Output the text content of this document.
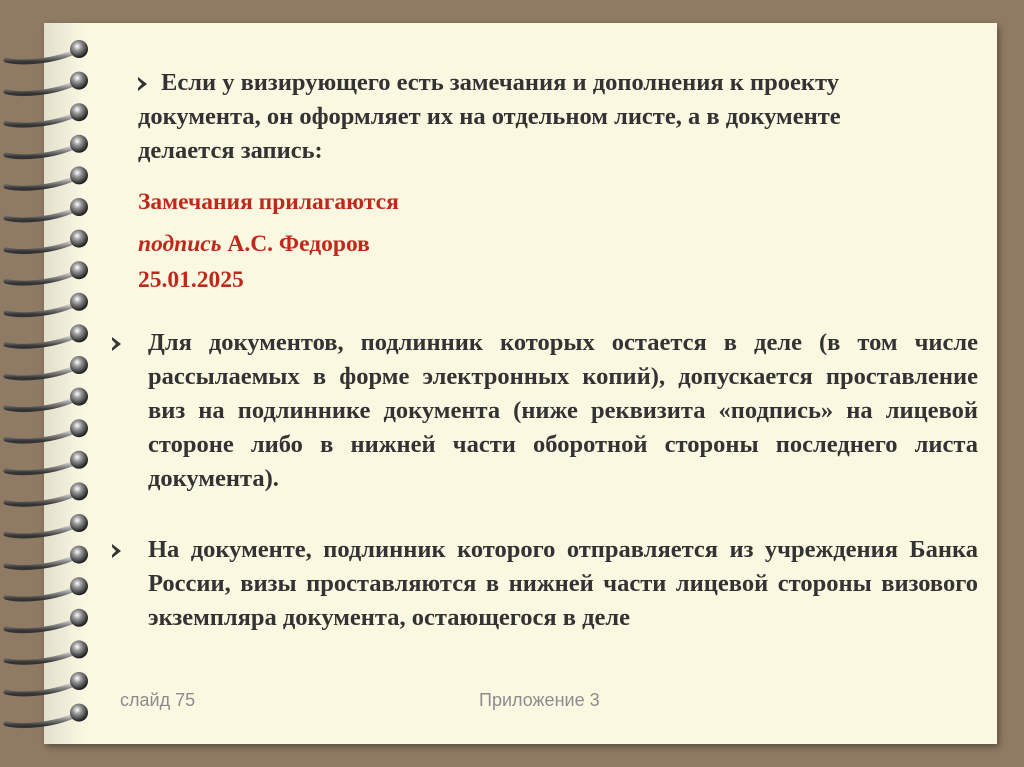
Если у визирующего есть замечания и дополнения к проекту
документа, он оформляет их на отдельном листе, а в документе
делается запись:
Замечания прилагаются
подпись А.С. Федоров
25.01.2025
Для документов, подлинник которых остается в деле (в том числе рассылаемых в форме электронных копий), допускается проставление виз на подлиннике документа (ниже реквизита «подпись» на лицевой стороне либо в нижней части оборотной стороны последнего листа документа).
На документе, подлинник которого отправляется из учреждения Банка России, визы проставляются в нижней части лицевой стороны визового экземпляра документа, остающегося в деле
слайд 75	Приложение 3
